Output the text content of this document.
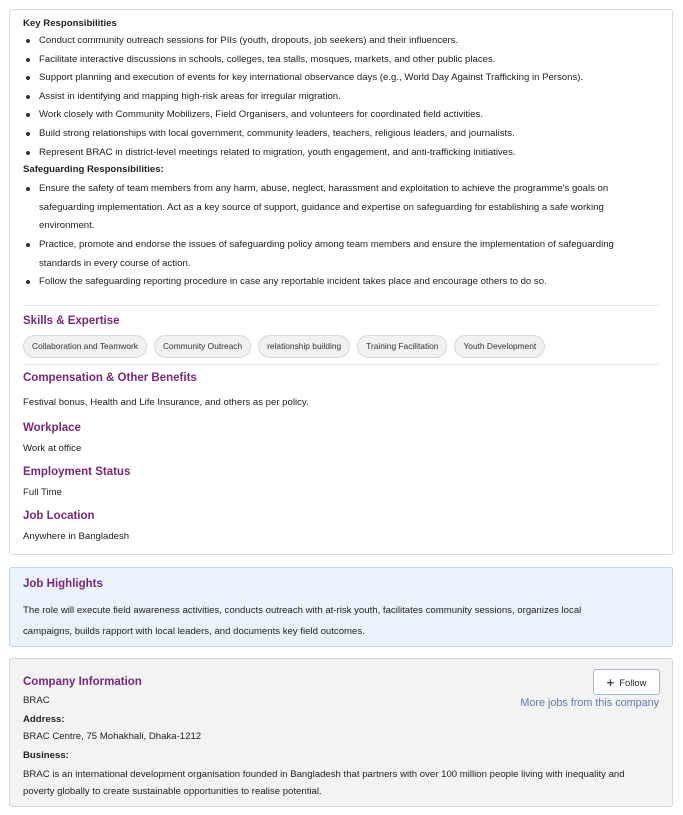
Key Responsibilities
Conduct community outreach sessions for PIIs (youth, dropouts, job seekers) and their influencers.
Facilitate interactive discussions in schools, colleges, tea stalls, mosques, markets, and other public places.
Support planning and execution of events for key international observance days (e.g., World Day Against Trafficking in Persons).
Assist in identifying and mapping high-risk areas for irregular migration.
Work closely with Community Mobilizers, Field Organisers, and volunteers for coordinated field activities.
Build strong relationships with local government, community leaders, teachers, religious leaders, and journalists.
Represent BRAC in district-level meetings related to migration, youth engagement, and anti-trafficking initiatives.
Safeguarding Responsibilities:
Ensure the safety of team members from any harm, abuse, neglect, harassment and exploitation to achieve the programme's goals on
safeguarding implementation. Act as a key source of support, guidance and expertise on safeguarding for establishing a safe working
environment.
Practice, promote and endorse the issues of safeguarding policy among team members and ensure the implementation of safeguarding
standards in every course of action.
Follow the safeguarding reporting procedure in case any reportable incident takes place and encourage others to do so.
Skills & Expertise
Collaboration and Teamwork	Community Outreach	relationship building	Training Facilitation	Youth Development
Compensation & Other Benefits
Festival bonus, Health and Life Insurance, and others as per policy.
Workplace
Work at office
Employment Status
Full Time
Job Location
Anywhere in Bangladesh
Job Highlights
The role will execute field awareness activities, conducts outreach with at-risk youth, facilitates community sessions, organizes local
campaigns, builds rapport with local leaders, and documents key field outcomes.
Company Information
BRAC
+ Follow
More jobs from this company
Address:
BRAC Centre, 75 Mohakhali, Dhaka-1212
Business:
BRAC is an international development organisation founded in Bangladesh that partners with over 100 million people living with inequality and
poverty globally to create sustainable opportunities to realise potential.
